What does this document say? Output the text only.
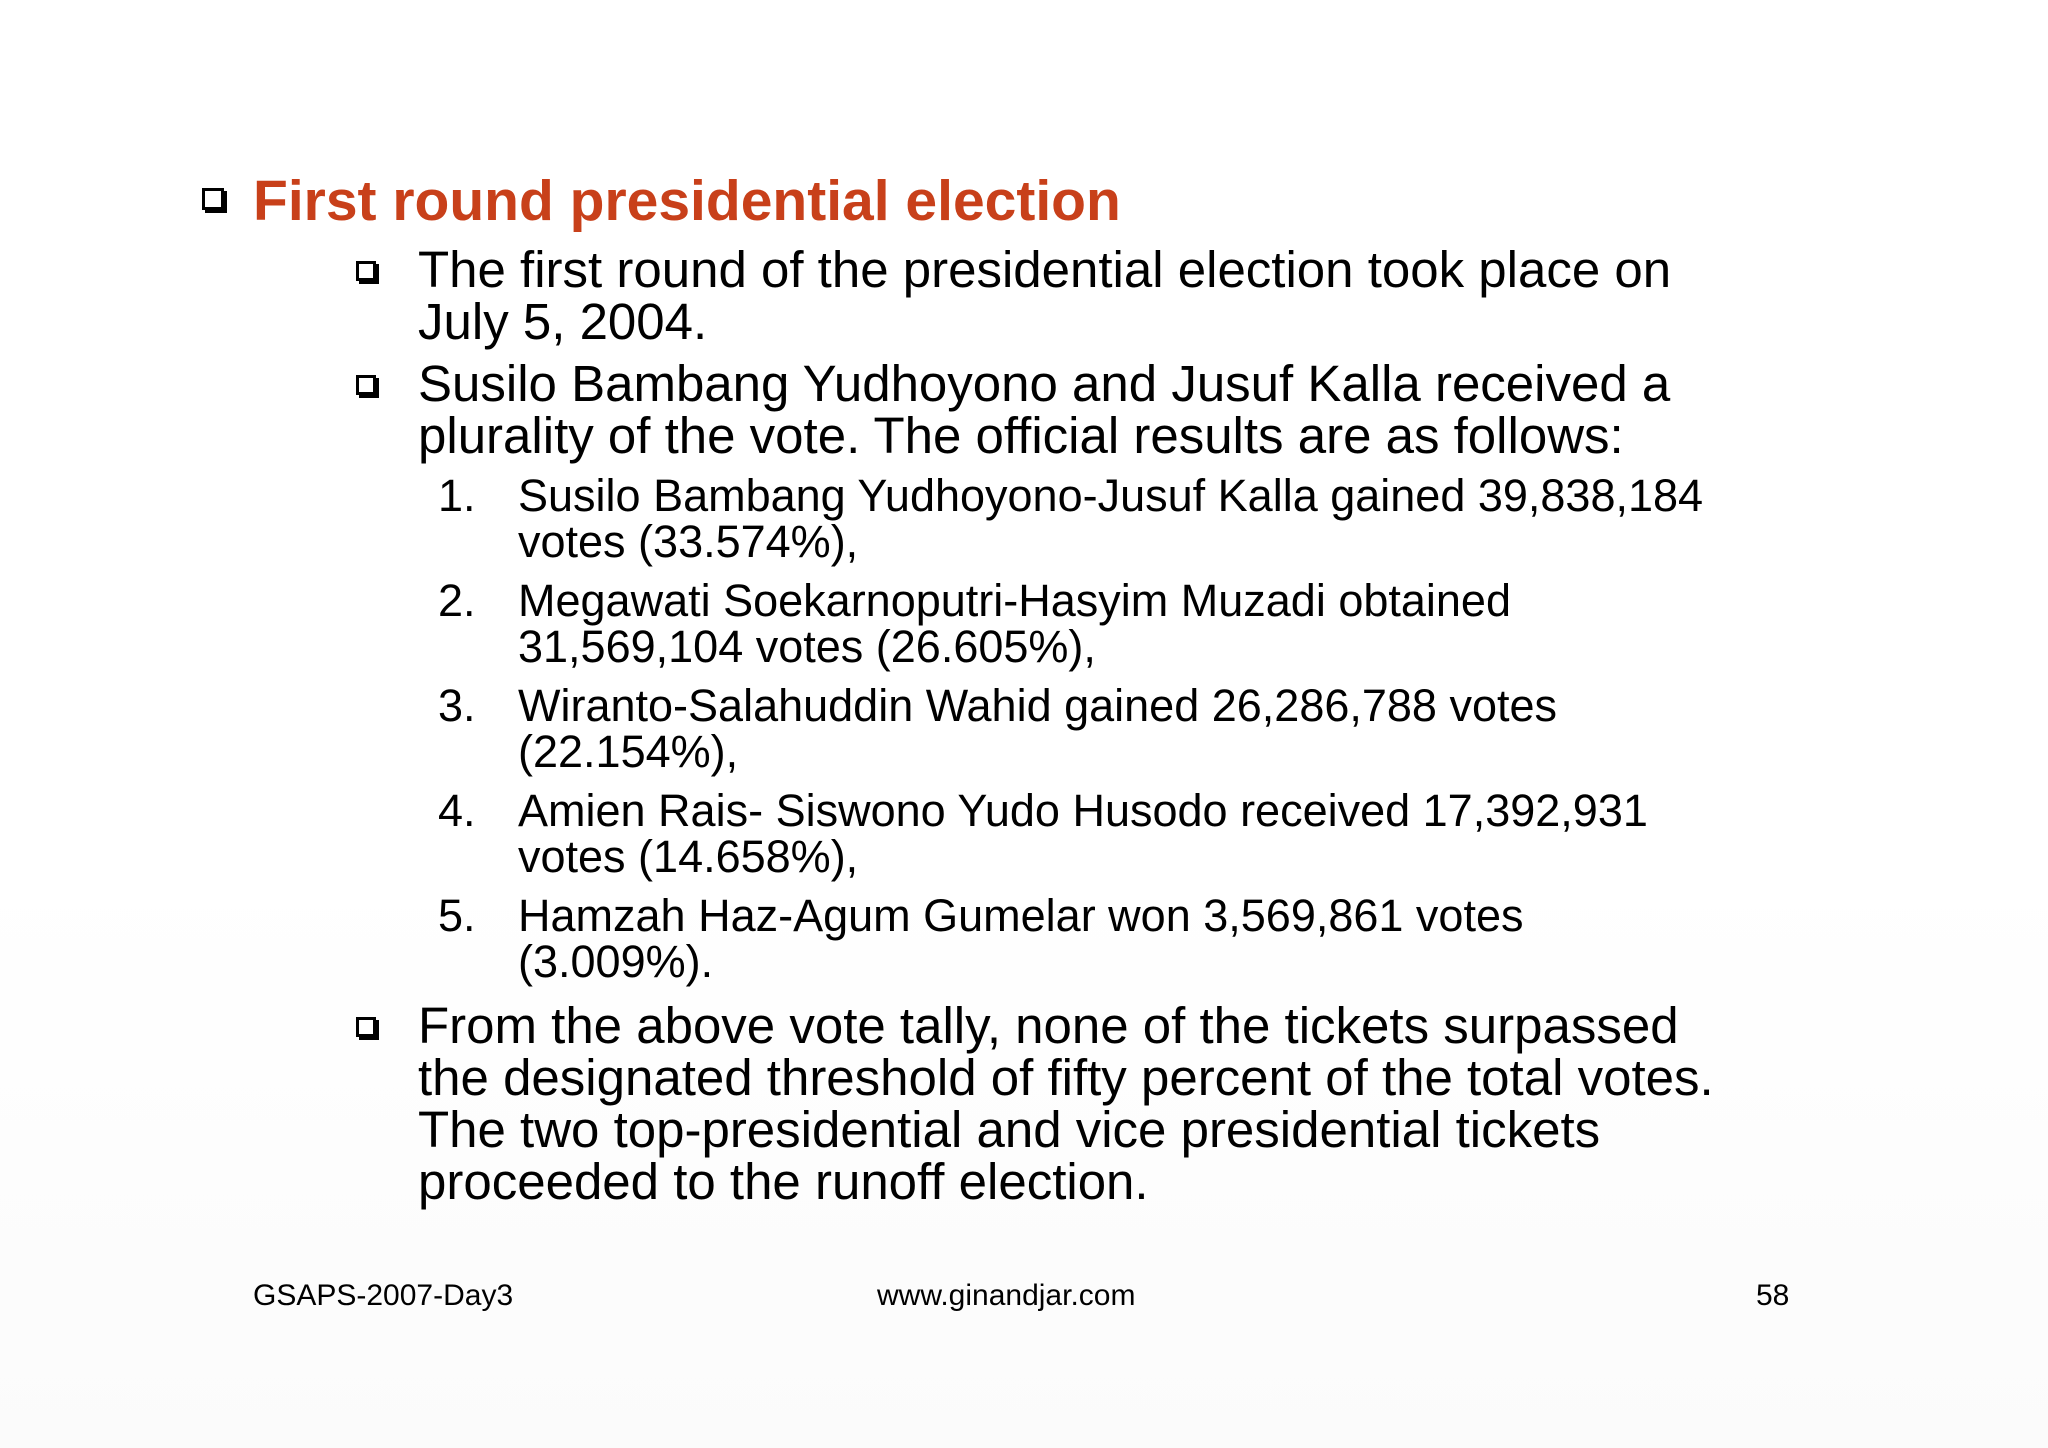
First round presidential election
The first round of the presidential election took place on
July 5, 2004.
Susilo Bambang Yudhoyono and Jusuf Kalla received a
plurality of the vote. The official results are as follows:
1. Susilo Bambang Yudhoyono-Jusuf Kalla gained 39,838,184
votes (33.574%),
2. Megawati Soekarnoputri-Hasyim Muzadi obtained
31,569,104 votes (26.605%),
3. Wiranto-Salahuddin Wahid gained 26,286,788 votes
(22.154%),
4. Amien Rais- Siswono Yudo Husodo received 17,392,931
votes (14.658%),
5. Hamzah Haz-Agum Gumelar won 3,569,861 votes
(3.009%).
From the above vote tally, none of the tickets surpassed
the designated threshold of fifty percent of the total votes.
The two top-presidential and vice presidential tickets
proceeded to the runoff election.
GSAPS-2007-Day3	www.ginandjar.com	58
